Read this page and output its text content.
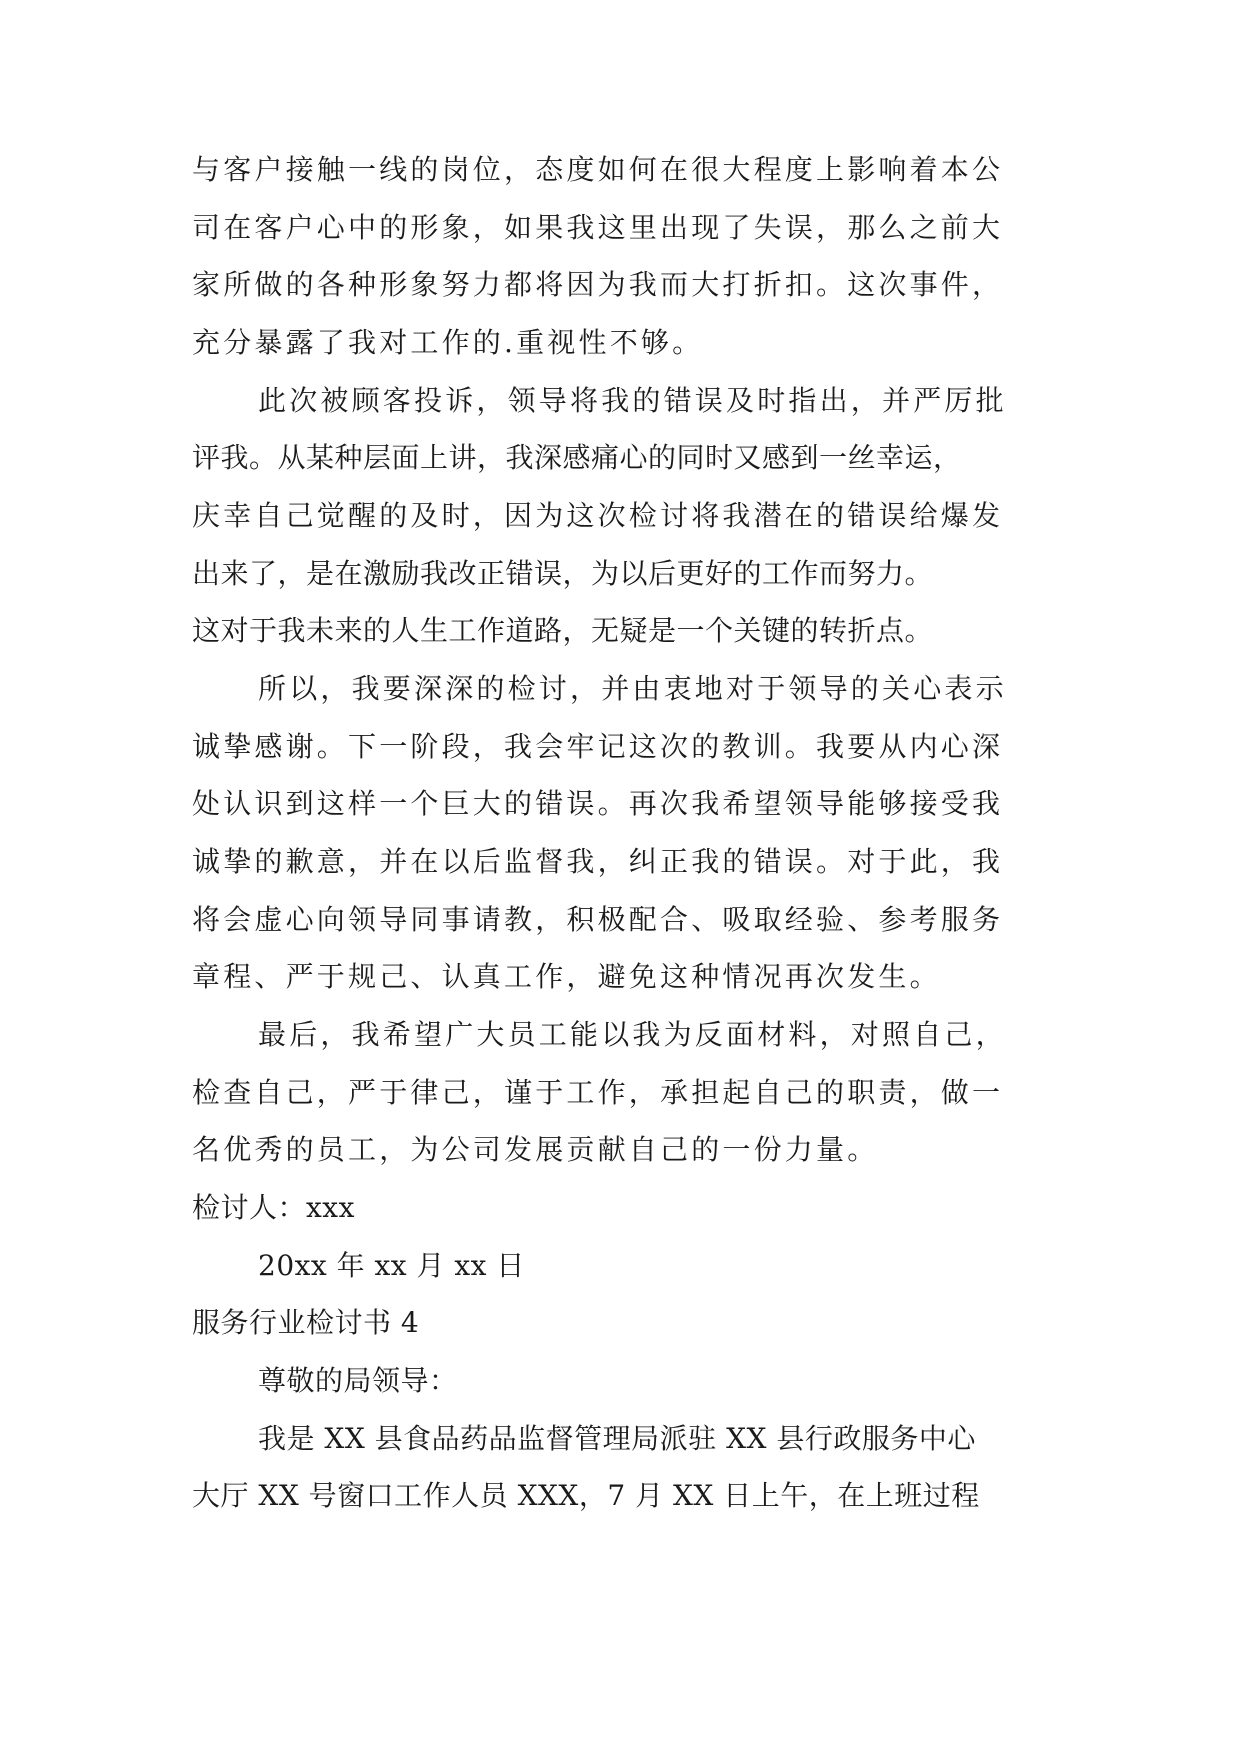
与客户接触一线的岗位，态度如何在很大程度上影响着本公
司在客户心中的形象，如果我这里出现了失误，那么之前大
家所做的各种形象努力都将因为我而大打折扣。这次事件，
充分暴露了我对工作的.重视性不够。
此次被顾客投诉，领导将我的错误及时指出，并严厉批
评我。从某种层面上讲，我深感痛心的同时又感到一丝幸运，
庆幸自己觉醒的及时，因为这次检讨将我潜在的错误给爆发
出来了，是在激励我改正错误，为以后更好的工作而努力。
这对于我未来的人生工作道路，无疑是一个关键的转折点。
所以，我要深深的检讨，并由衷地对于领导的关心表示
诚挚感谢。下一阶段，我会牢记这次的教训。我要从内心深
处认识到这样一个巨大的错误。再次我希望领导能够接受我
诚挚的歉意，并在以后监督我，纠正我的错误。对于此，我
将会虚心向领导同事请教，积极配合、吸取经验、参考服务
章程、严于规己、认真工作，避免这种情况再次发生。
最后，我希望广大员工能以我为反面材料，对照自己，
检查自己，严于律己，谨于工作，承担起自己的职责，做一
名优秀的员工，为公司发展贡献自己的一份力量。
检讨人：xxx
20xx 年 xx 月 xx 日
服务行业检讨书 4
尊敬的局领导：
我是 XX 县食品药品监督管理局派驻 XX 县行政服务中心
大厅 XX 号窗口工作人员 XXX，7 月 XX 日上午，在上班过程
